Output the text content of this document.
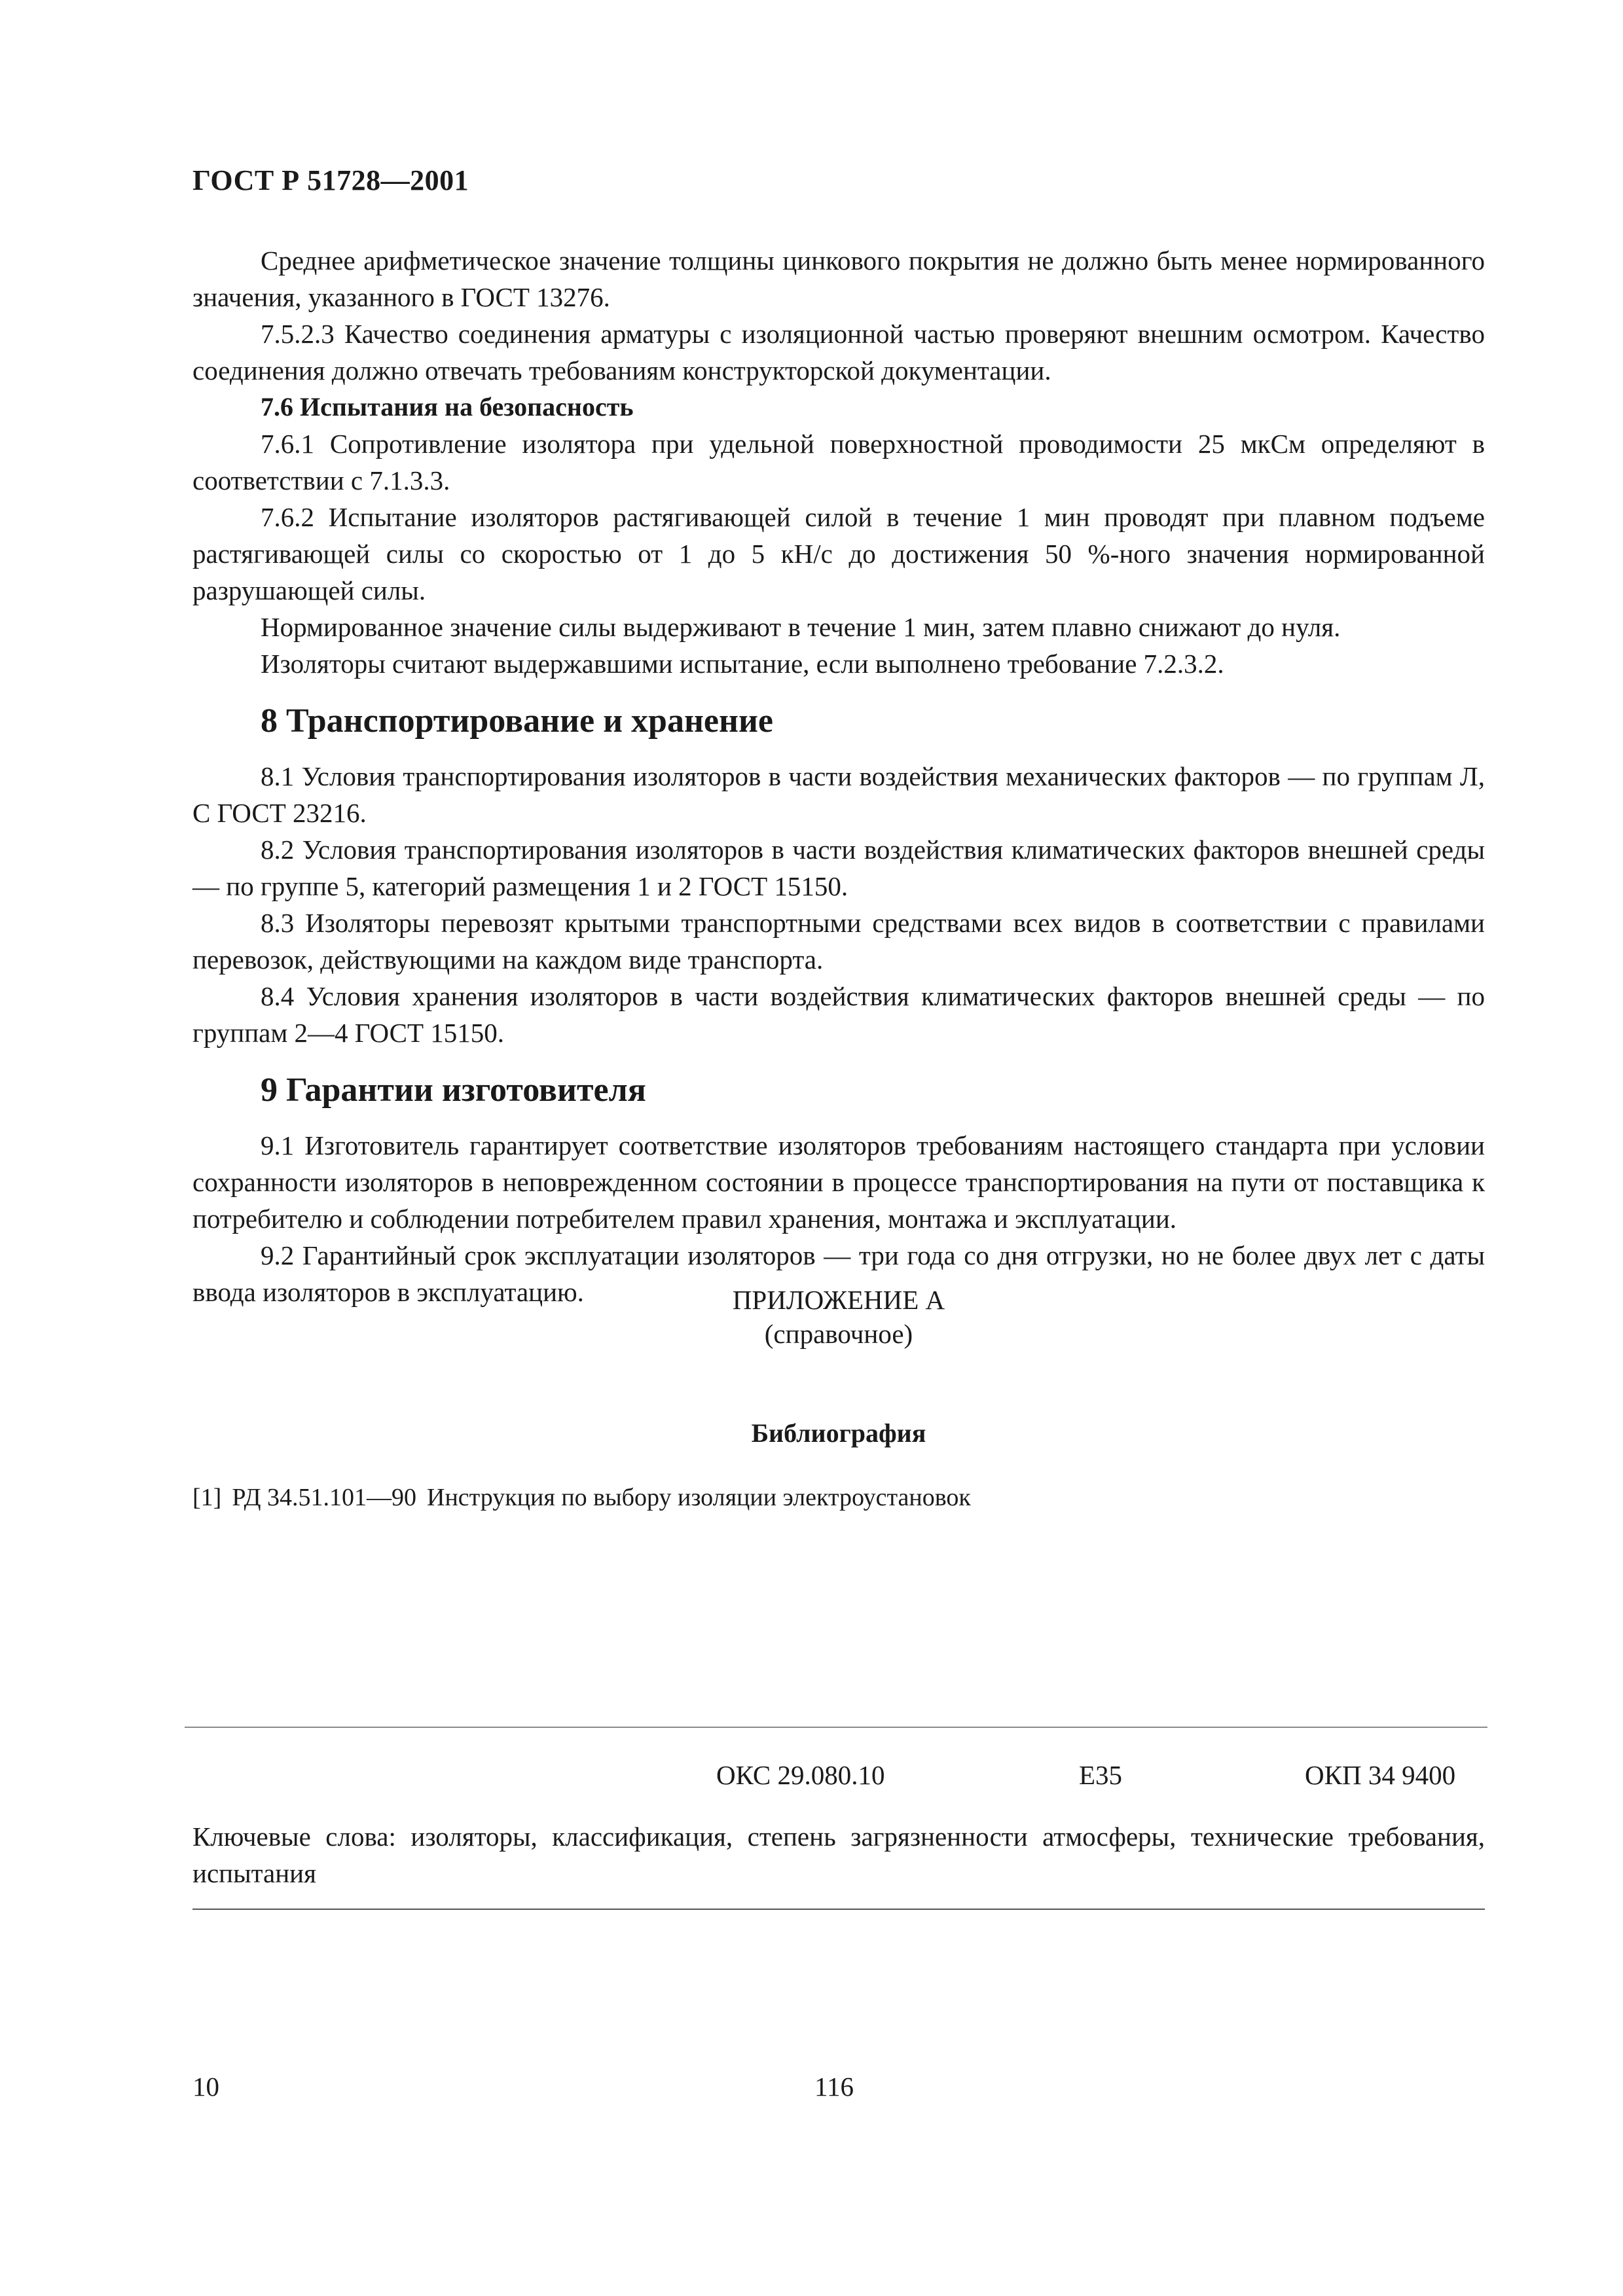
ГОСТ Р 51728—2001

Среднее арифметическое значение толщины цинкового покрытия не должно быть менее нормированного значения, указанного в ГОСТ 13276.

7.5.2.3 Качество соединения арматуры с изоляционной частью проверяют внешним осмотром. Качество соединения должно отвечать требованиям конструкторской документации.

7.6 Испытания на безопасность

7.6.1 Сопротивление изолятора при удельной поверхностной проводимости 25 мкСм определяют в соответствии с 7.1.3.3.

7.6.2 Испытание изоляторов растягивающей силой в течение 1 мин проводят при плавном подъеме растягивающей силы со скоростью от 1 до 5 кН/с до достижения 50 %-ного значения нормированной разрушающей силы.

Нормированное значение силы выдерживают в течение 1 мин, затем плавно снижают до нуля.

Изоляторы считают выдержавшими испытание, если выполнено требование 7.2.3.2.

8 Транспортирование и хранение

8.1 Условия транспортирования изоляторов в части воздействия механических факторов — по группам Л, С ГОСТ 23216.

8.2 Условия транспортирования изоляторов в части воздействия климатических факторов внешней среды — по группе 5, категорий размещения 1 и 2 ГОСТ 15150.

8.3 Изоляторы перевозят крытыми транспортными средствами всех видов в соответствии с правилами перевозок, действующими на каждом виде транспорта.

8.4 Условия хранения изоляторов в части воздействия климатических факторов внешней среды — по группам 2—4 ГОСТ 15150.

9 Гарантии изготовителя

9.1 Изготовитель гарантирует соответствие изоляторов требованиям настоящего стандарта при условии сохранности изоляторов в неповрежденном состоянии в процессе транспортирования на пути от поставщика к потребителю и соблюдении потребителем правил хранения, монтажа и эксплуатации.

9.2 Гарантийный срок эксплуатации изоляторов — три года со дня отгрузки, но не более двух лет с даты ввода изоляторов в эксплуатацию.	ПРИЛОЖЕНИЕ А
(справочное)
Библиография
[1] РД 34.51.101—90 Инструкция по выбору изоляции электроустановок
ОКС 29.080.10	Е35	ОКП 34 9400
Ключевые слова: изоляторы, классификация, степень загрязненности атмосферы, технические требования, испытания
10	116
